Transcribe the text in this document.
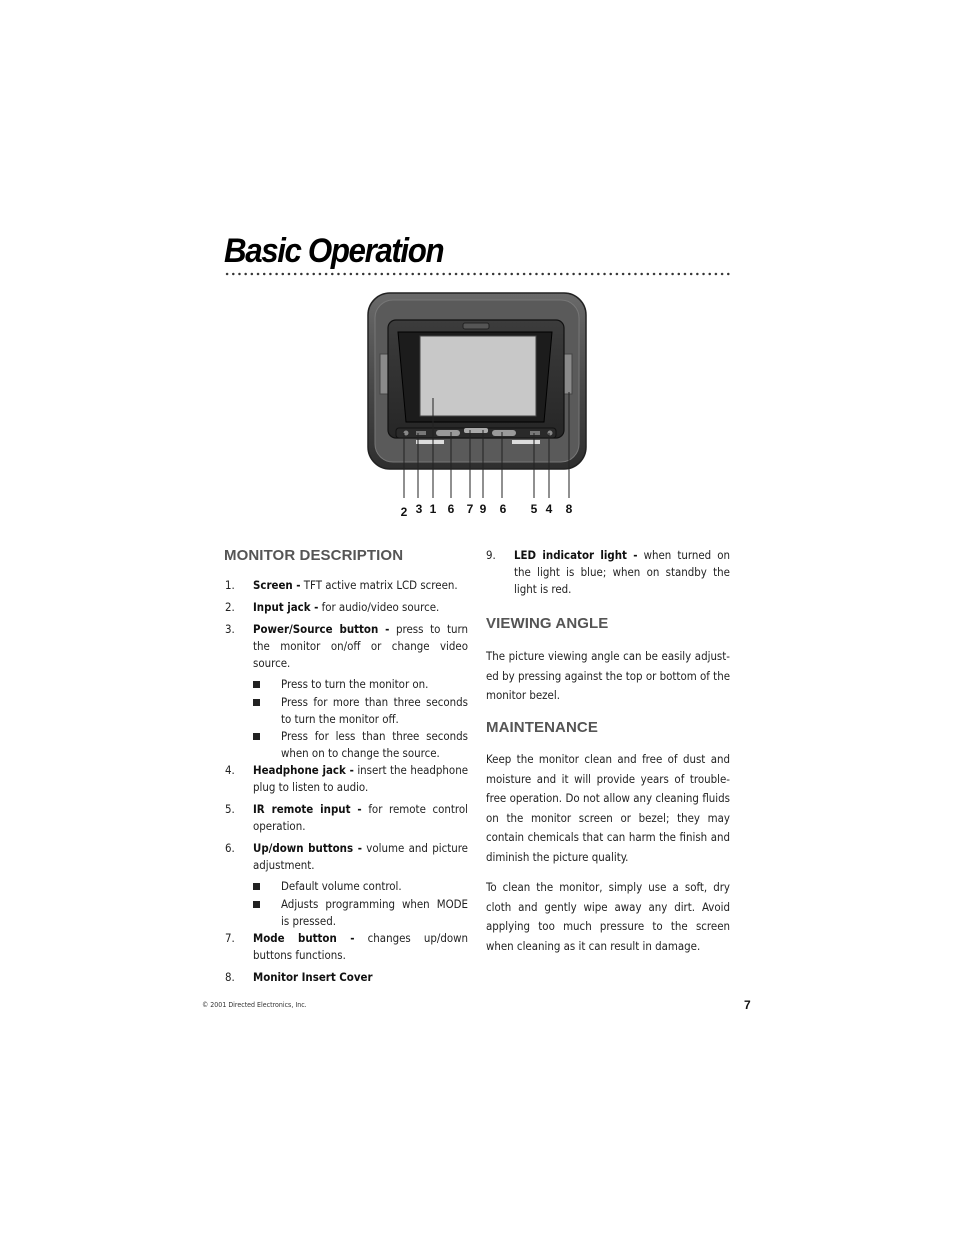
Basic Operation
2 3 1 6 7 9 6 5 4 8
MONITOR DESCRIPTION
1. Screen - TFT active matrix LCD screen.
2. Input jack - for audio/video source.
3. Power/Source button - press to turn the monitor on/off or change video source.
Press to turn the monitor on.
Press for more than three seconds to turn the monitor off.
Press for less than three seconds when on to change the source.
4. Headphone jack - insert the headphone plug to listen to audio.
5. IR remote input - for remote control operation.
6. Up/down buttons - volume and picture adjustment.
Default volume control.
Adjusts programming when MODE is pressed.
7. Mode button - changes up/down buttons functions.
8. Monitor Insert Cover
9. LED indicator light - when turned on the light is blue; when on standby the light is red.
VIEWING ANGLE

The picture viewing angle can be easily adjust-ed by pressing against the top or bottom of the monitor bezel.

MAINTENANCE

Keep the monitor clean and free of dust and moisture and it will provide years of trouble-free operation. Do not allow any cleaning fluids on the monitor screen or bezel; they may contain chemicals that can harm the finish and diminish the picture quality.

To clean the monitor, simply use a soft, dry cloth and gently wipe away any dirt. Avoid applying too much pressure to the screen when cleaning as it can result in damage.

© 2001 Directed Electronics, Inc.	7
